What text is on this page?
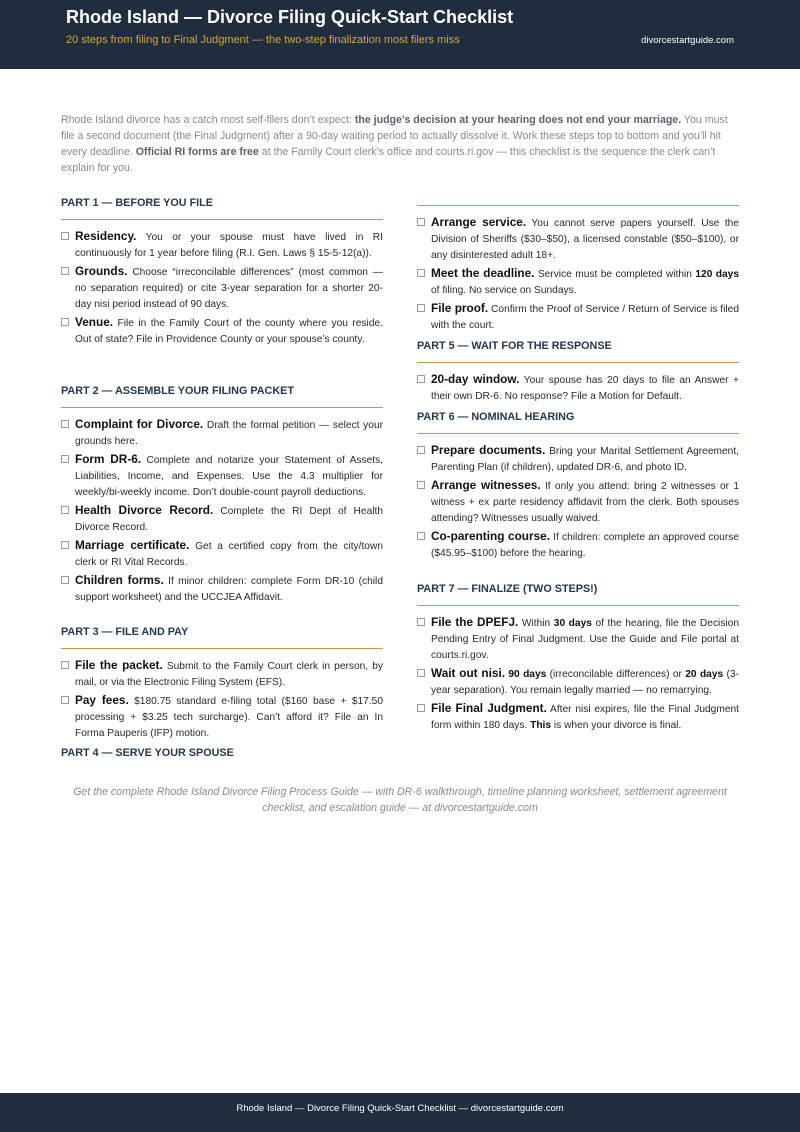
Rhode Island — Divorce Filing Quick-Start Checklist
20 steps from filing to Final Judgment — the two-step finalization most filers miss	divorcestartguide.com
Rhode Island divorce has a catch most self-filers don’t expect: the judge’s decision at your hearing does not end your marriage. You must file a second document (the Final Judgment) after a 90-day waiting period to actually dissolve it. Work these steps top to bottom and you’ll hit every deadline. Official RI forms are free at the Family Court clerk’s office and courts.ri.gov — this checklist is the sequence the clerk can’t explain for you.
PART 1 — BEFORE YOU FILE
Residency. You or your spouse must have lived in RI continuously for 1 year before filing (R.I. Gen. Laws § 15-5-12(a)).
Grounds. Choose “irreconcilable differences” (most common — no separation required) or cite 3-year separation for a shorter 20-day nisi period instead of 90 days.
Venue. File in the Family Court of the county where you reside. Out of state? File in Providence County or your spouse’s county.
PART 2 — ASSEMBLE YOUR FILING PACKET
Complaint for Divorce. Draft the formal petition — select your grounds here.
Form DR-6. Complete and notarize your Statement of Assets, Liabilities, Income, and Expenses. Use the 4.3 multiplier for weekly/bi-weekly income. Don’t double-count payroll deductions.
Health Divorce Record. Complete the RI Dept of Health Divorce Record.
Marriage certificate. Get a certified copy from the city/town clerk or RI Vital Records.
Children forms. If minor children: complete Form DR-10 (child support worksheet) and the UCCJEA Affidavit.
PART 3 — FILE AND PAY
File the packet. Submit to the Family Court clerk in person, by mail, or via the Electronic Filing System (EFS).
Pay fees. $180.75 standard e-filing total ($160 base + $17.50 processing + $3.25 tech surcharge). Can’t afford it? File an In Forma Pauperis (IFP) motion.
PART 4 — SERVE YOUR SPOUSE
Arrange service. You cannot serve papers yourself. Use the Division of Sheriffs ($30–$50), a licensed constable ($50–$100), or any disinterested adult 18+.
Meet the deadline. Service must be completed within 120 days of filing. No service on Sundays.
File proof. Confirm the Proof of Service / Return of Service is filed with the court.
PART 5 — WAIT FOR THE RESPONSE
20-day window. Your spouse has 20 days to file an Answer + their own DR-6. No response? File a Motion for Default.
PART 6 — NOMINAL HEARING
Prepare documents. Bring your Marital Settlement Agreement, Parenting Plan (if children), updated DR-6, and photo ID.
Arrange witnesses. If only you attend: bring 2 witnesses or 1 witness + ex parte residency affidavit from the clerk. Both spouses attending? Witnesses usually waived.
Co-parenting course. If children: complete an approved course ($45.95–$100) before the hearing.
PART 7 — FINALIZE (TWO STEPS!)
File the DPEFJ. Within 30 days of the hearing, file the Decision Pending Entry of Final Judgment. Use the Guide and File portal at courts.ri.gov.
Wait out nisi. 90 days (irreconcilable differences) or 20 days (3-year separation). You remain legally married — no remarrying.
File Final Judgment. After nisi expires, file the Final Judgment form within 180 days. This is when your divorce is final.
Get the complete Rhode Island Divorce Filing Process Guide — with DR-6 walkthrough, timeline planning worksheet, settlement agreement checklist, and escalation guide — at divorcestartguide.com
Rhode Island — Divorce Filing Quick-Start Checklist — divorcestartguide.com
